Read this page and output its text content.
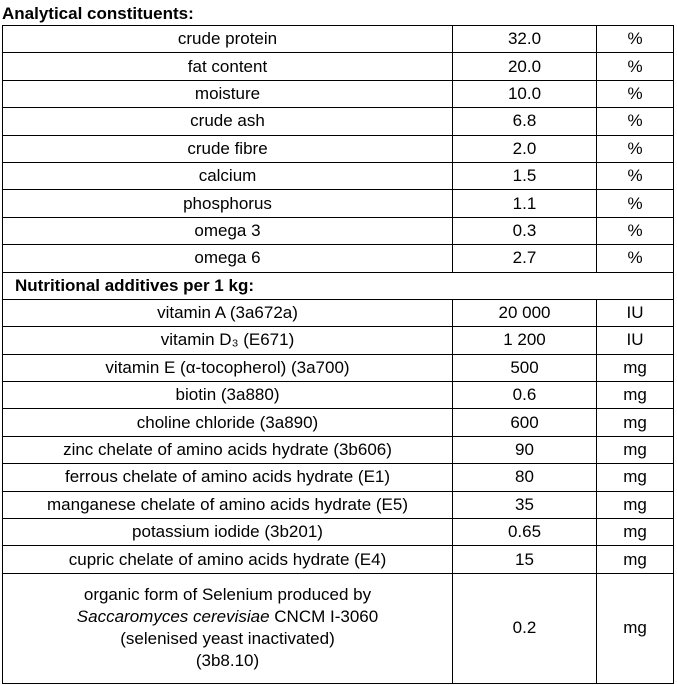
Analytical constituents:
crude protein	32.0	%
fat content	20.0	%
moisture	10.0	%
crude ash	6.8	%
crude fibre	2.0	%
calcium	1.5	%
phosphorus	1.1	%
omega 3	0.3	%
omega 6	2.7	%
Nutritional additives per 1 kg:		
vitamin A (3a672a)	20 000	IU
vitamin D₃ (E671)	1 200	IU
vitamin E (α-tocopherol) (3a700)	500	mg
biotin (3a880)	0.6	mg
choline chloride (3a890)	600	mg
zinc chelate of amino acids hydrate (3b606)	90	mg
ferrous chelate of amino acids hydrate (E1)	80	mg
manganese chelate of amino acids hydrate (E5)	35	mg
potassium iodide (3b201)	0.65	mg
cupric chelate of amino acids hydrate (E4)	15	mg
organic form of Selenium produced by
Saccaromyces cerevisiae CNCM I-3060
(selenised yeast inactivated)
(3b8.10)	0.2	mg
